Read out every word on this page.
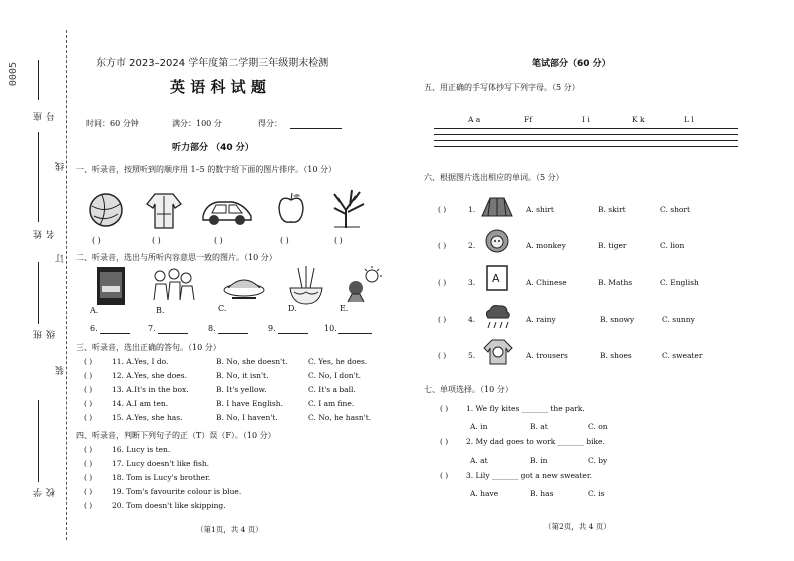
0005
座号
线
姓名
订
班级
装
学校
东方市 2023–2024 学年度第二学期三年级期末检测
英 语 科 试 题
时间：60 分钟	满分：100 分	得分：
听力部分 （40 分）
一、听录音，按照听到的顺序用 1–5 的数字给下面的图片排序。（10 分）
( )	( )	( )	( )	( )
二、听录音，选出与所听内容意思一致的图片。（10 分）
A.	B.	C.	D.	E.
6.	7.	8.	9.	10.
三、听录音，选出正确的答句。（10 分）
( )	11. A.Yes, I do.	B. No, she doesn't.	C. Yes, he does.
( )	12. A.Yes, she does.	B. No, it isn't.	C. No, I don't.
( )	13. A.It's in the box.	B. It's yellow.	C. It's a ball.
( )	14. A.I am ten.	B. I have English.	C. I am fine.
( )	15. A.Yes, she has.	B. No, I haven't.	C. No, he hasn't.
四、听录音，判断下列句子的正（T）误（F）。（10 分）
( )	16. Lucy is ten.
( )	17. Lucy doesn't like fish.
( )	18. Tom is Lucy's brother.
( )	19. Tom's favourite colour is blue.
( )	20. Tom doesn't like skipping.
（第1页，共 4 页）
笔试部分（60 分）
五、用正确的手写体抄写下列字母。（5 分）
A a	Ff	I i	K k	L l
六、根据图片选出相应的单词。（5 分）
( )	1.	A. shirt	B. skirt	C. short
( )	2.	A. monkey	B. tiger	C. lion
( )	3. A	A. Chinese	B. Maths	C. English
( )	4.	A. rainy	B. snowy	C. sunny
( )	5.	A. trousers	B. shoes	C. sweater
七、单项选择。（10 分）
( ) 1. We fly kites _______ the park.
A. in	B. at	C. on
( ) 2. My dad goes to work _______ bike.
A. at	B. in	C. by
( ) 3. Lily _______ got a new sweater.
A. have	B. has	C. is
（第2页，共 4 页）
